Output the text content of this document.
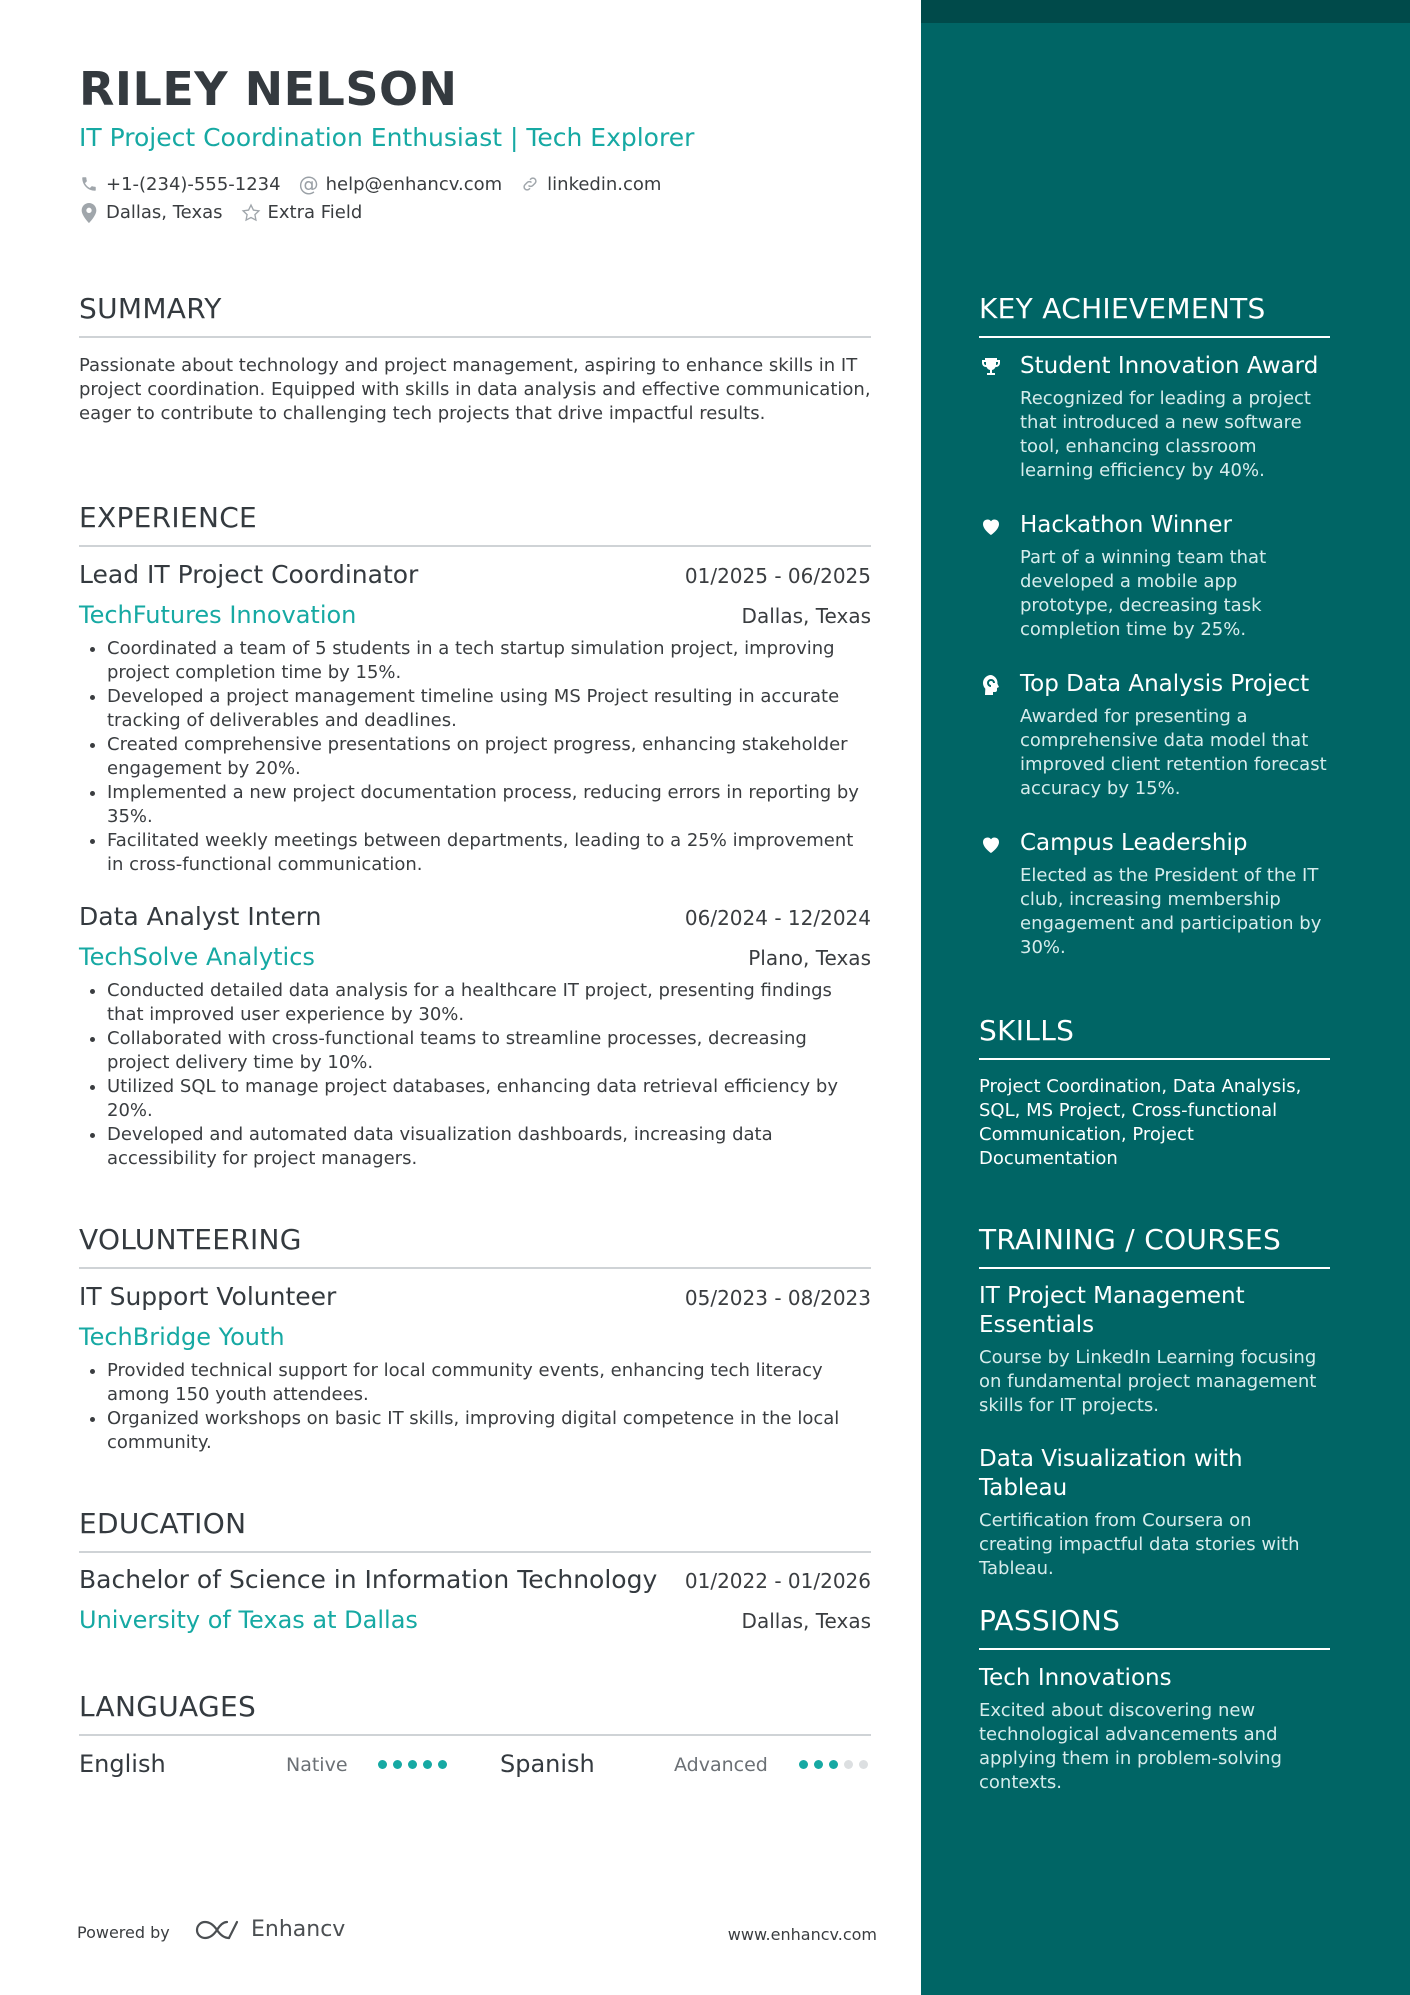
RILEY NELSON
IT Project Coordination Enthusiast | Tech Explorer
+1-(234)-555-1234 @ help@enhancv.com	linkedin.com
Dallas, Texas	Extra Field
SUMMARY
Passionate about technology and project management, aspiring to enhance skills in IT project coordination. Equipped with skills in data analysis and effective communication, eager to contribute to challenging tech projects that drive impactful results.
EXPERIENCE
Lead IT Project Coordinator	01/2025 - 06/2025
TechFutures Innovation	Dallas, Texas
• Coordinated a team of 5 students in a tech startup simulation project, improving project completion time by 15%.
• Developed a project management timeline using MS Project resulting in accurate tracking of deliverables and deadlines.
• Created comprehensive presentations on project progress, enhancing stakeholder engagement by 20%.
• Implemented a new project documentation process, reducing errors in reporting by 35%.
• Facilitated weekly meetings between departments, leading to a 25% improvement in cross-functional communication.
Data Analyst Intern	06/2024 - 12/2024
TechSolve Analytics	Plano, Texas
• Conducted detailed data analysis for a healthcare IT project, presenting findings that improved user experience by 30%.
• Collaborated with cross-functional teams to streamline processes, decreasing project delivery time by 10%.
• Utilized SQL to manage project databases, enhancing data retrieval efficiency by 20%.
• Developed and automated data visualization dashboards, increasing data accessibility for project managers.
VOLUNTEERING
IT Support Volunteer	05/2023 - 08/2023
TechBridge Youth
• Provided technical support for local community events, enhancing tech literacy among 150 youth attendees.
• Organized workshops on basic IT skills, improving digital competence in the local community.
EDUCATION
Bachelor of Science in Information Technology 01/2022 - 01/2026
University of Texas at Dallas	Dallas, Texas
LANGUAGES
English	Native	Spanish	Advanced
Powered by	Enhancv	www.enhancv.com
KEY ACHIEVEMENTS
Student Innovation Award
Recognized for leading a project that introduced a new software tool, enhancing classroom learning efficiency by 40%.
Hackathon Winner
Part of a winning team that developed a mobile app prototype, decreasing task completion time by 25%.
Top Data Analysis Project
Awarded for presenting a comprehensive data model that improved client retention forecast accuracy by 15%.
Campus Leadership
Elected as the President of the IT club, increasing membership engagement and participation by 30%.
SKILLS
Project Coordination, Data Analysis, SQL, MS Project, Cross-functional Communication, Project Documentation
TRAINING / COURSES
IT Project Management Essentials
Course by LinkedIn Learning focusing on fundamental project management skills for IT projects.
Data Visualization with Tableau
Certification from Coursera on creating impactful data stories with Tableau.
PASSIONS
Tech Innovations
Excited about discovering new technological advancements and applying them in problem-solving contexts.
